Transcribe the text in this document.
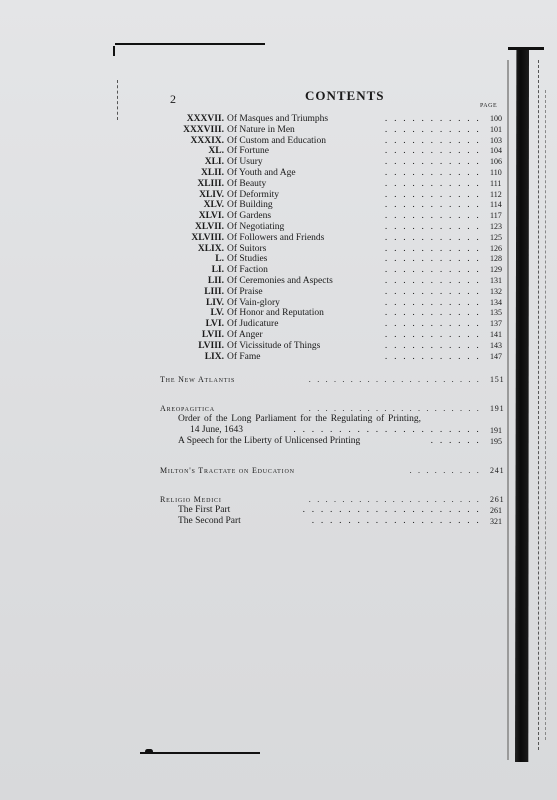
2	CONTENTS
PAGE
XXXVII. Of Masques and Triumphs	. . . . . . . . . . . 100
XXXVIII. Of Nature in Men	. . . . . . . . . . . 101
XXXIX. Of Custom and Education	. . . . . . . . . . . 103
XL. Of Fortune	. . . . . . . . . . . 104
XLI. Of Usury	. . . . . . . . . . . 106
XLII. Of Youth and Age	. . . . . . . . . . . 110
XLIII. Of Beauty	. . . . . . . . . . . 111
XLIV. Of Deformity	. . . . . . . . . . . 112
XLV. Of Building	. . . . . . . . . . . 114
XLVI. Of Gardens	. . . . . . . . . . . 117
XLVII. Of Negotiating	. . . . . . . . . . . 123
XLVIII. Of Followers and Friends	. . . . . . . . . . . 125
XLIX. Of Suitors	. . . . . . . . . . . 126
L. Of Studies	. . . . . . . . . . . 128
LI. Of Faction	. . . . . . . . . . . 129
LII. Of Ceremonies and Aspects	. . . . . . . . . . . 131
LIII. Of Praise	. . . . . . . . . . . 132
LIV. Of Vain-glory	. . . . . . . . . . . 134
LV. Of Honor and Reputation	. . . . . . . . . . . 135
LVI. Of Judicature	. . . . . . . . . . . 137
LVII. Of Anger	. . . . . . . . . . . 141
LVIII. Of Vicissitude of Things	. . . . . . . . . . . 143
LIX. Of Fame	. . . . . . . . . . . 147
The New Atlantis	. . . . . . . . . . . . . . . . . . . . . 151
Areopagitica	. . . . . . . . . . . . . . . . . . . . . 191
Order of the Long Parliament for the Regulating of Printing,
14 June, 1643	. . . . . . . . . . . . . . . . . . . . . 191
A Speech for the Liberty of Unlicensed Printing	. . . . . . 195
Milton's Tractate on Education	. . . . . . . . . 241
Religio Medici	. . . . . . . . . . . . . . . . . . . . . 261
The First Part	. . . . . . . . . . . . . . . . . . . . 261
The Second Part	. . . . . . . . . . . . . . . . . . . 321
